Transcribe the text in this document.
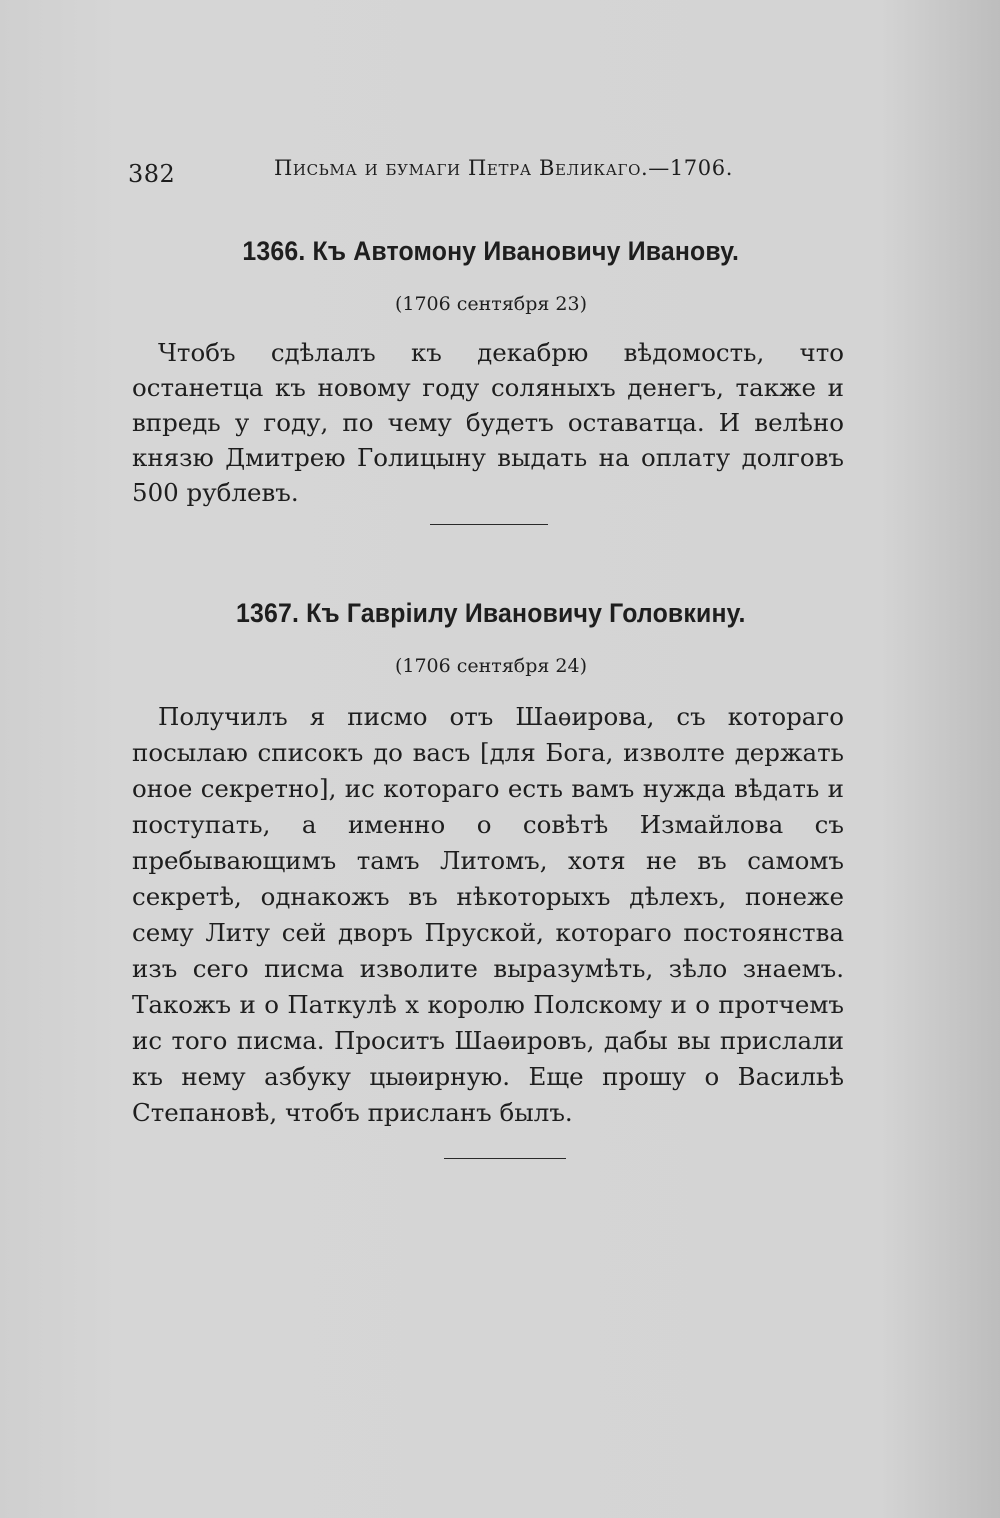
382	Письма и бумаги Петра Великаго.—1706.
1366. Къ Автомону Ивановичу Иванову.
(1706 сентября 23)

Чтобъ сдѣлалъ къ декабрю вѣдомость, что останетца къ новому году соляныхъ денегъ, также и впредь у году, по чему будетъ оставатца. И велѣно князю Дмитрею Голицыну выдать на оплату долговъ 500 рублевъ.

1367. Къ Гавріилу Ивановичу Головкину.
(1706 сентября 24)

Получилъ я писмо отъ Шаѳирова, съ котораго посылаю списокъ до васъ [для Бога, изволте держать оное секретно], ис котораго есть вамъ нужда вѣдать и поступать, а именно о совѣтѣ Измайлова съ пребывающимъ тамъ Литомъ, хотя не въ самомъ секретѣ, однакожъ въ нѣкоторыхъ дѣлехъ, понеже сему Литу сей дворъ Пруской, котораго постоянства изъ сего писма изволите выразумѣть, зѣло знаемъ. Такожъ и о Паткулѣ х королю Полскому и о протчемъ ис того писма. Проситъ Шаѳировъ, дабы вы прислали къ нему азбуку цыѳирную. Еще прошу о Васильѣ Степановѣ, чтобъ присланъ былъ.
